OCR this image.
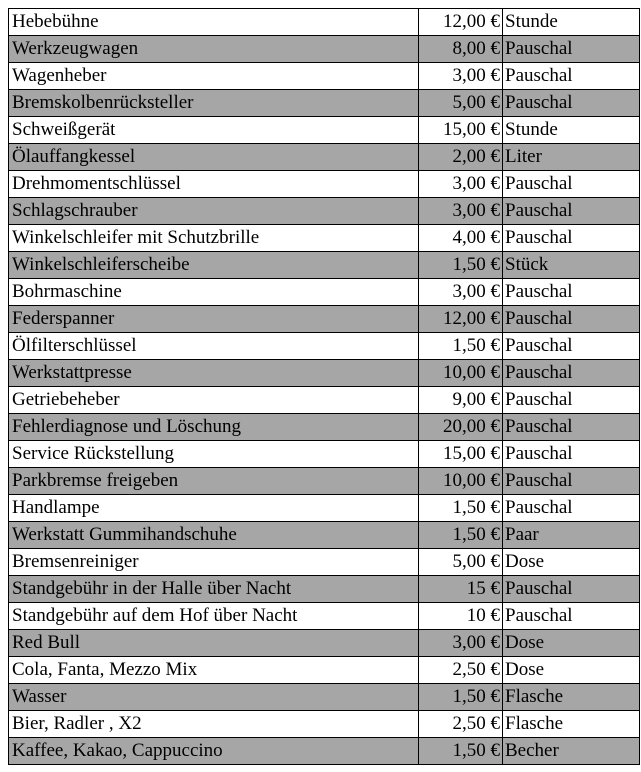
Hebebühne	12,00 €	Stunde
Werkzeugwagen	8,00 €	Pauschal
Wagenheber	3,00 €	Pauschal
Bremskolbenrücksteller	5,00 €	Pauschal
Schweißgerät	15,00 €	Stunde
Ölauffangkessel	2,00 €	Liter
Drehmomentschlüssel	3,00 €	Pauschal
Schlagschrauber	3,00 €	Pauschal
Winkelschleifer mit Schutzbrille	4,00 €	Pauschal
Winkelschleiferscheibe	1,50 €	Stück
Bohrmaschine	3,00 €	Pauschal
Federspanner	12,00 €	Pauschal
Ölfilterschlüssel	1,50 €	Pauschal
Werkstattpresse	10,00 €	Pauschal
Getriebeheber	9,00 €	Pauschal
Fehlerdiagnose und Löschung	20,00 €	Pauschal
Service Rückstellung	15,00 €	Pauschal
Parkbremse freigeben	10,00 €	Pauschal
Handlampe	1,50 €	Pauschal
Werkstatt Gummihandschuhe	1,50 €	Paar
Bremsenreiniger	5,00 €	Dose
Standgebühr in der Halle über Nacht	15 €	Pauschal
Standgebühr auf dem Hof über Nacht	10 €	Pauschal
Red Bull	3,00 €	Dose
Cola, Fanta, Mezzo Mix	2,50 €	Dose
Wasser	1,50 €	Flasche
Bier, Radler , X2	2,50 €	Flasche
Kaffee, Kakao, Cappuccino	1,50 €	Becher
